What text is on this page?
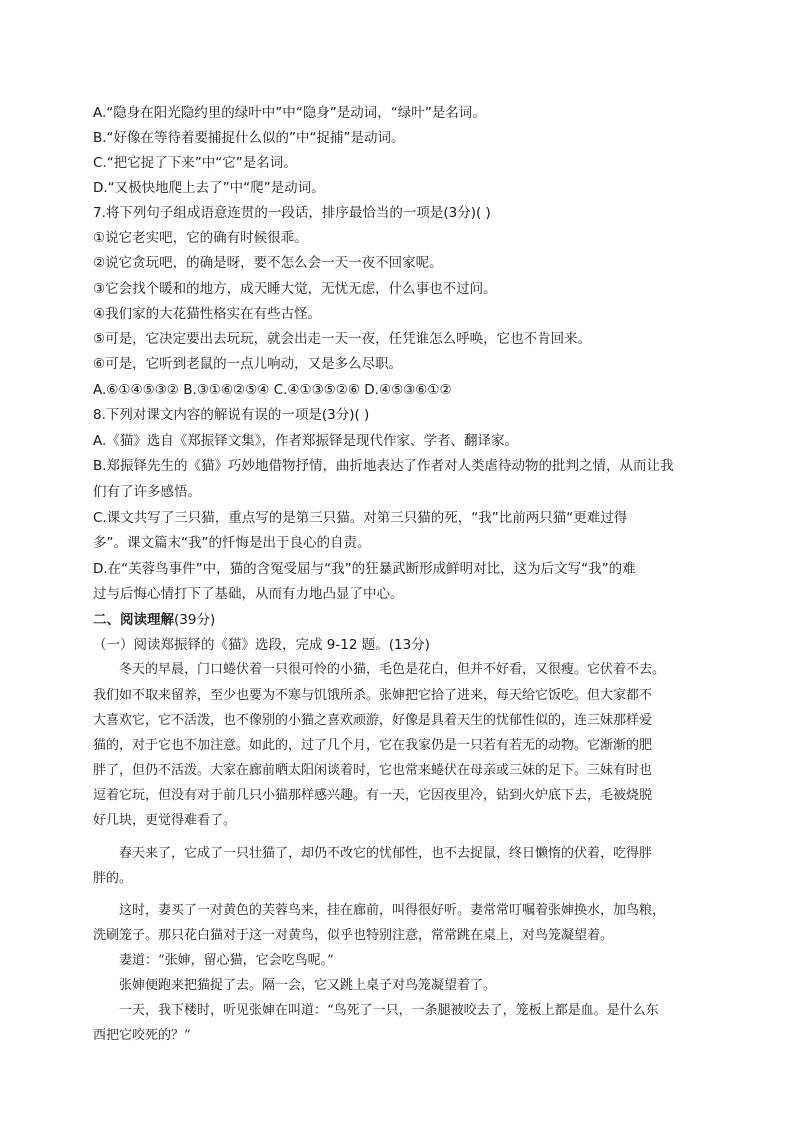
A.“隐身在阳光隐约里的绿叶中”中“隐身”是动词，“绿叶”是名词。
B.“好像在等待着要捕捉什么似的”中“捉捕”是动词。
C.“把它捉了下来”中“它”是名词。
D.“又极快地爬上去了”中“爬”是动词。
7.将下列句子组成语意连贯的一段话，排序最恰当的一项是(3分)( )
①说它老实吧，它的确有时候很乖。
②说它贪玩吧，的确是呀，要不怎么会一天一夜不回家呢。
③它会找个暖和的地方，成天睡大觉，无忧无虑，什么事也不过问。
④我们家的大花猫性格实在有些古怪。
⑤可是，它决定要出去玩玩，就会出走一天一夜，任凭谁怎么呼唤，它也不肯回来。
⑥可是，它听到老鼠的一点儿响动，又是多么尽职。
A.⑥①④⑤③② B.③①⑥②⑤④ C.④①③⑤②⑥ D.④⑤③⑥①②
8.下列对课文内容的解说有误的一项是(3分)( )
A.《猫》选自《郑振铎文集》，作者郑振铎是现代作家、学者、翻译家。
B.郑振铎先生的《猫》巧妙地借物抒情，曲折地表达了作者对人类虐待动物的批判之情，从而让我
们有了许多感悟。
C.课文共写了三只猫，重点写的是第三只猫。对第三只猫的死，“我”比前两只猫“更难过得
多”。课文篇末“我”的忏悔是出于良心的自责。
D.在“芙蓉鸟事件”中，猫的含冤受屈与“我”的狂暴武断形成鲜明对比，这为后文写“我”的难
过与后悔心情打下了基础，从而有力地凸显了中心。
二、阅读理解(39分)
（一）阅读郑振铎的《猫》选段，完成 9-12 题。(13分)
冬天的早晨，门口蜷伏着一只很可怜的小猫，毛色是花白，但并不好看，又很瘦。它伏着不去。
我们如不取来留养，至少也要为不寒与饥饿所杀。张婶把它拾了进来，每天给它饭吃。但大家都不
大喜欢它，它不活泼，也不像别的小猫之喜欢顽游，好像是具着天生的忧郁性似的，连三妹那样爱
猫的，对于它也不加注意。如此的，过了几个月，它在我家仍是一只若有若无的动物。它渐渐的肥
胖了，但仍不活泼。大家在廊前晒太阳闲谈着时，它也常来蜷伏在母亲或三妹的足下。三妹有时也
逗着它玩，但没有对于前几只小猫那样感兴趣。有一天，它因夜里冷，钻到火炉底下去，毛被烧脱
好几块，更觉得难看了。
春天来了，它成了一只壮猫了，却仍不改它的忧郁性，也不去捉鼠，终日懒惰的伏着，吃得胖
胖的。
这时，妻买了一对黄色的芙蓉鸟来，挂在廊前，叫得很好听。妻常常叮嘱着张婶换水，加鸟粮，
洗刷笼子。那只花白猫对于这一对黄鸟，似乎也特别注意，常常跳在桌上，对鸟笼凝望着。
妻道：“张婶，留心猫，它会吃鸟呢。”
张婶便跑来把猫捉了去。隔一会，它又跳上桌子对鸟笼凝望着了。
一天，我下楼时，听见张婶在叫道：“鸟死了一只，一条腿被咬去了，笼板上都是血。是什么东
西把它咬死的？”
